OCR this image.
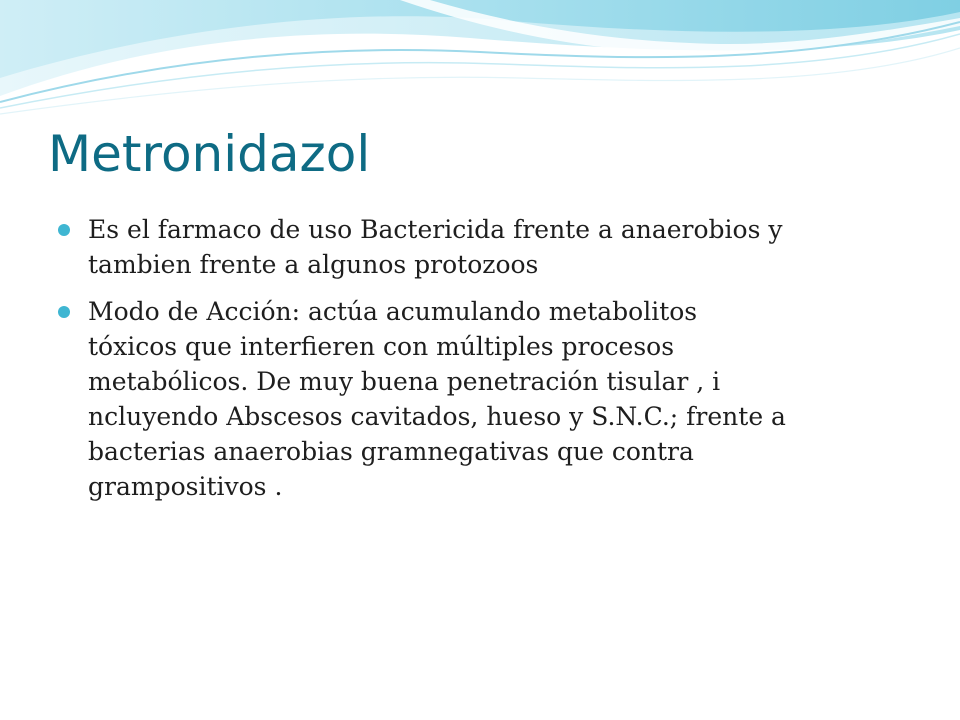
Metronidazol
Es el farmaco de uso Bactericida frente a anaerobios y
tambien frente a algunos protozoos
Modo de Acción: actúa acumulando metabolitos
tóxicos que interfieren con múltiples procesos
metabólicos. De muy buena penetración tisular , i
ncluyendo Abscesos cavitados, hueso y S.N.C.; frente a
bacterias anaerobias gramnegativas que contra
grampositivos .
